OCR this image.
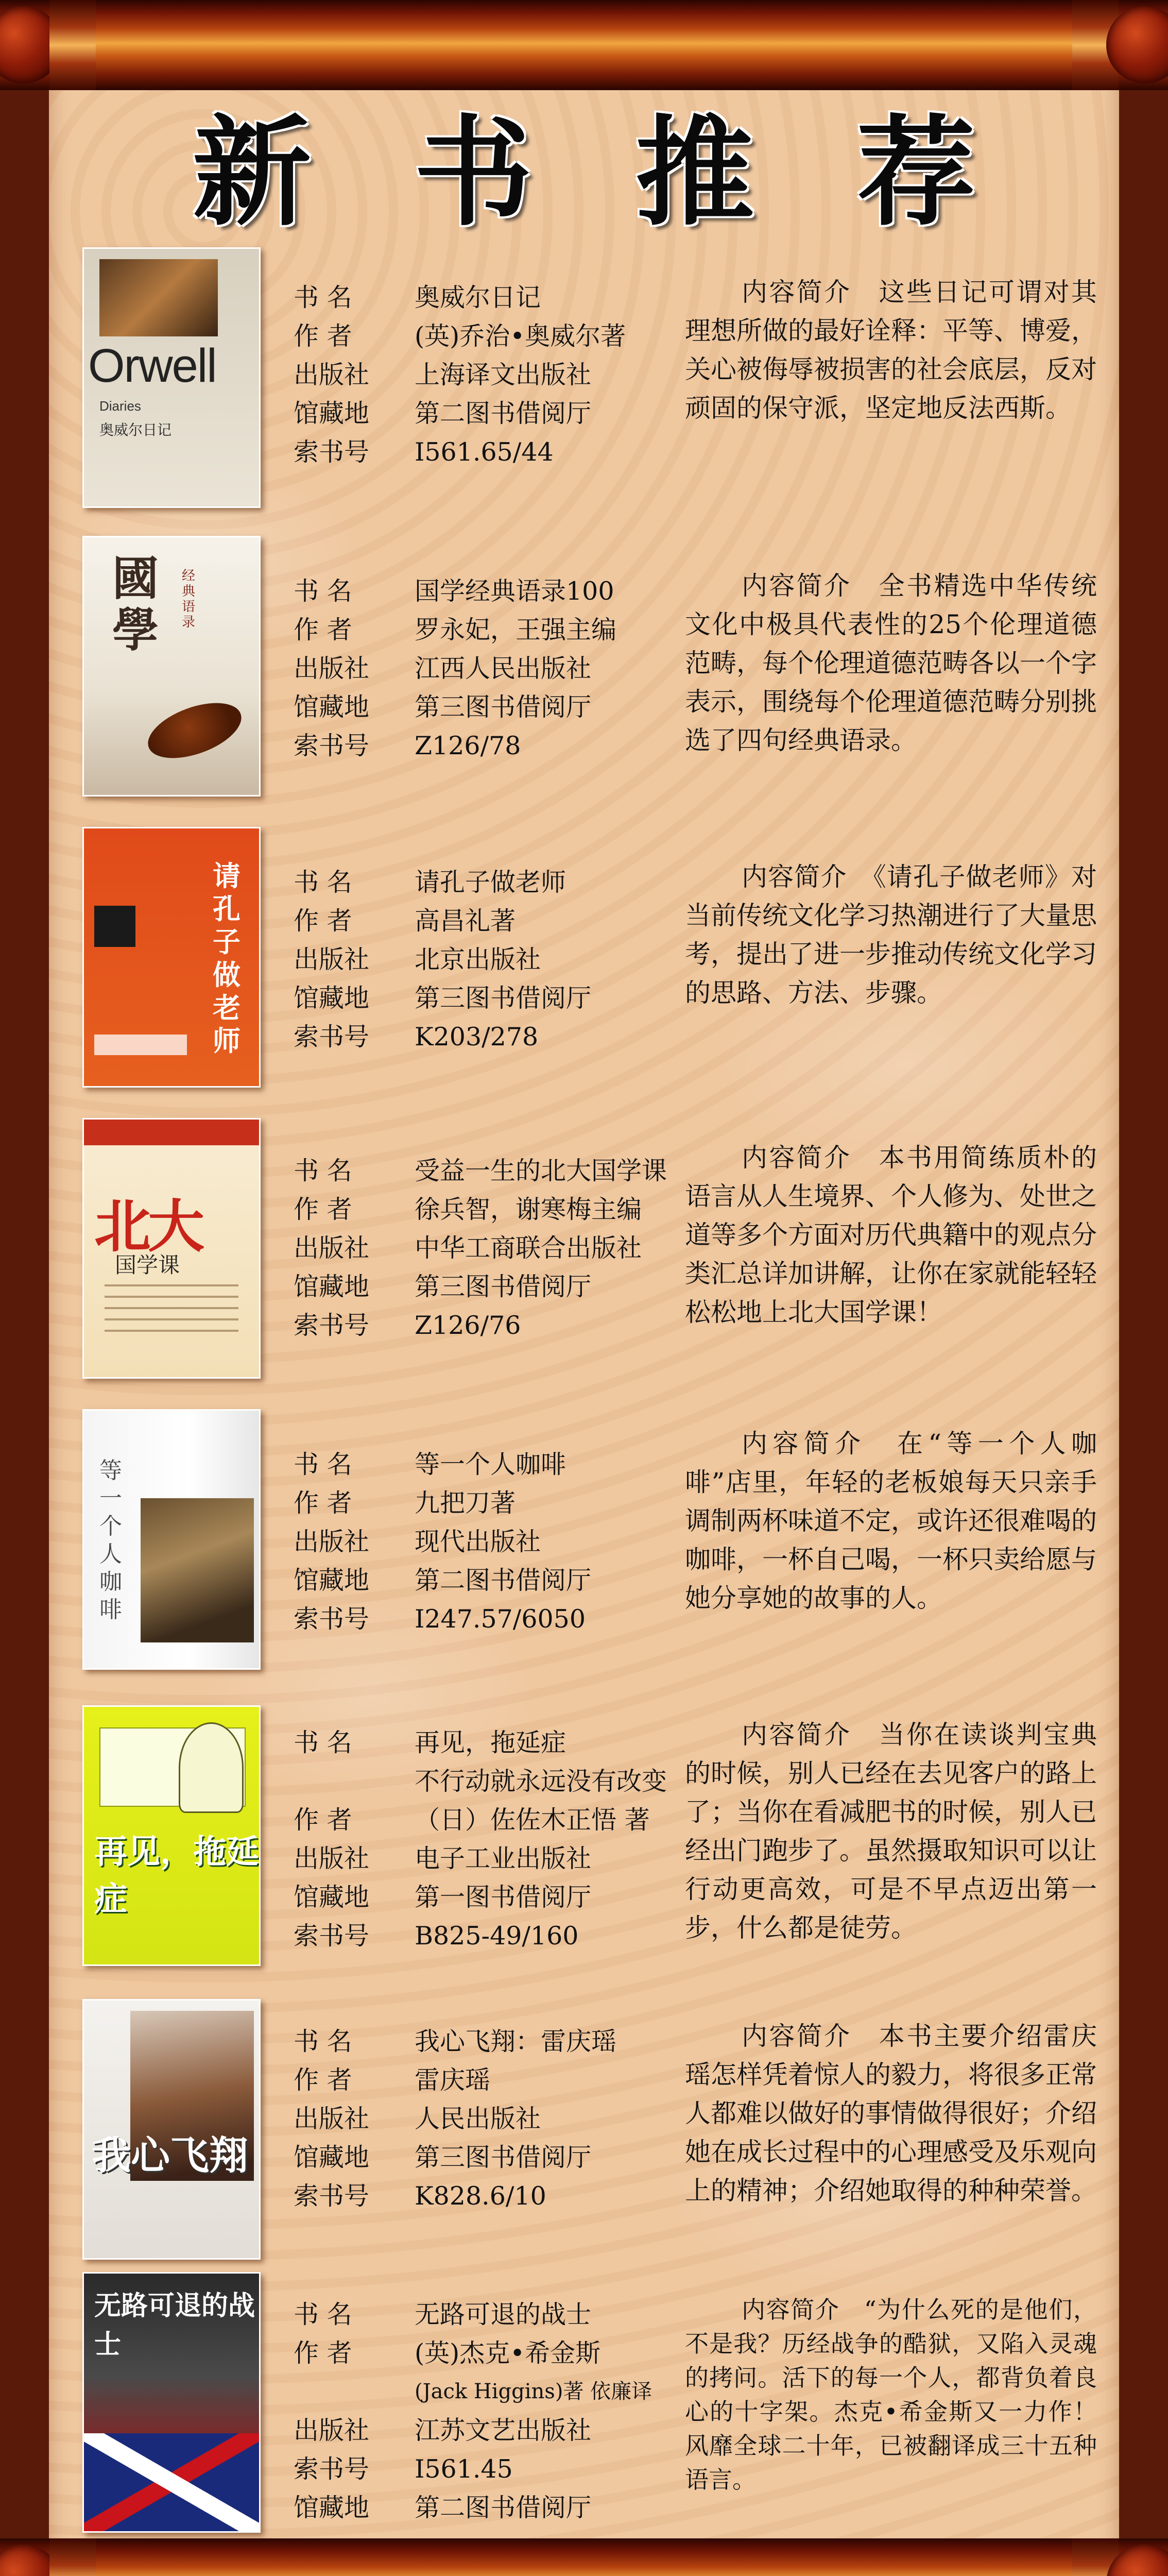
新 书 推 荐
Orwell
Diaries
奥威尔日记
书 名	奥威尔日记
作 者	(英)乔治•奥威尔著
出版社	上海译文出版社
馆藏地	第二图书借阅厅
索书号	I561.65/44
内容简介　这些日记可谓对其理想所做的最好诠释：平等、博爱，关心被侮辱被损害的社会底层，反对顽固的保守派，坚定地反法西斯。
國學
经典语录
书 名	国学经典语录100
作 者	罗永妃，王强主编
出版社	江西人民出版社
馆藏地	第三图书借阅厅
索书号	Z126/78
内容简介　全书精选中华传统文化中极具代表性的25个伦理道德范畴，每个伦理道德范畴各以一个字表示，围绕每个伦理道德范畴分别挑选了四句经典语录。
请孔子做老师
书 名	请孔子做老师
作 者	高昌礼著
出版社	北京出版社
馆藏地	第三图书借阅厅
索书号	K203/278
内容简介　《请孔子做老师》对当前传统文化学习热潮进行了大量思考，提出了进一步推动传统文化学习的思路、方法、步骤。
北大
国学课
书 名	受益一生的北大国学课
作 者	徐兵智，谢寒梅主编
出版社	中华工商联合出版社
馆藏地	第三图书借阅厅
索书号	Z126/76
内容简介　本书用简练质朴的语言从人生境界、个人修为、处世之道等多个方面对历代典籍中的观点分类汇总详加讲解，让你在家就能轻轻松松地上北大国学课！
等一个人咖啡
书 名	等一个人咖啡
作 者	九把刀著
出版社	现代出版社
馆藏地	第二图书借阅厅
索书号	I247.57/6050
内容简介　在“等一个人咖啡”店里，年轻的老板娘每天只亲手调制两杯味道不定，或许还很难喝的咖啡，一杯自己喝，一杯只卖给愿与她分享她的故事的人。
再见，拖延症
书 名	再见，拖延症
不行动就永远没有改变
作 者	（日）佐佐木正悟 著
出版社	电子工业出版社
馆藏地	第一图书借阅厅
索书号	B825-49/160
内容简介　当你在读谈判宝典的时候，别人已经在去见客户的路上了；当你在看减肥书的时候，别人已经出门跑步了。虽然摄取知识可以让行动更高效，可是不早点迈出第一步，什么都是徒劳。
我心飞翔
书 名	我心飞翔：雷庆瑶
作 者	雷庆瑶
出版社	人民出版社
馆藏地	第三图书借阅厅
索书号	K828.6/10
内容简介　本书主要介绍雷庆瑶怎样凭着惊人的毅力，将很多正常人都难以做好的事情做得很好；介绍她在成长过程中的心理感受及乐观向上的精神；介绍她取得的种种荣誉。
无路可退的战士
书 名	无路可退的战士
作 者	(英)杰克•希金斯
(Jack Higgins)著 依廉译
出版社	江苏文艺出版社
索书号	I561.45
馆藏地	第二图书借阅厅
内容简介　“为什么死的是他们，不是我？历经战争的酷狱，又陷入灵魂的拷问。活下的每一个人，都背负着良心的十字架。杰克•希金斯又一力作！风靡全球二十年，已被翻译成三十五种语言。
